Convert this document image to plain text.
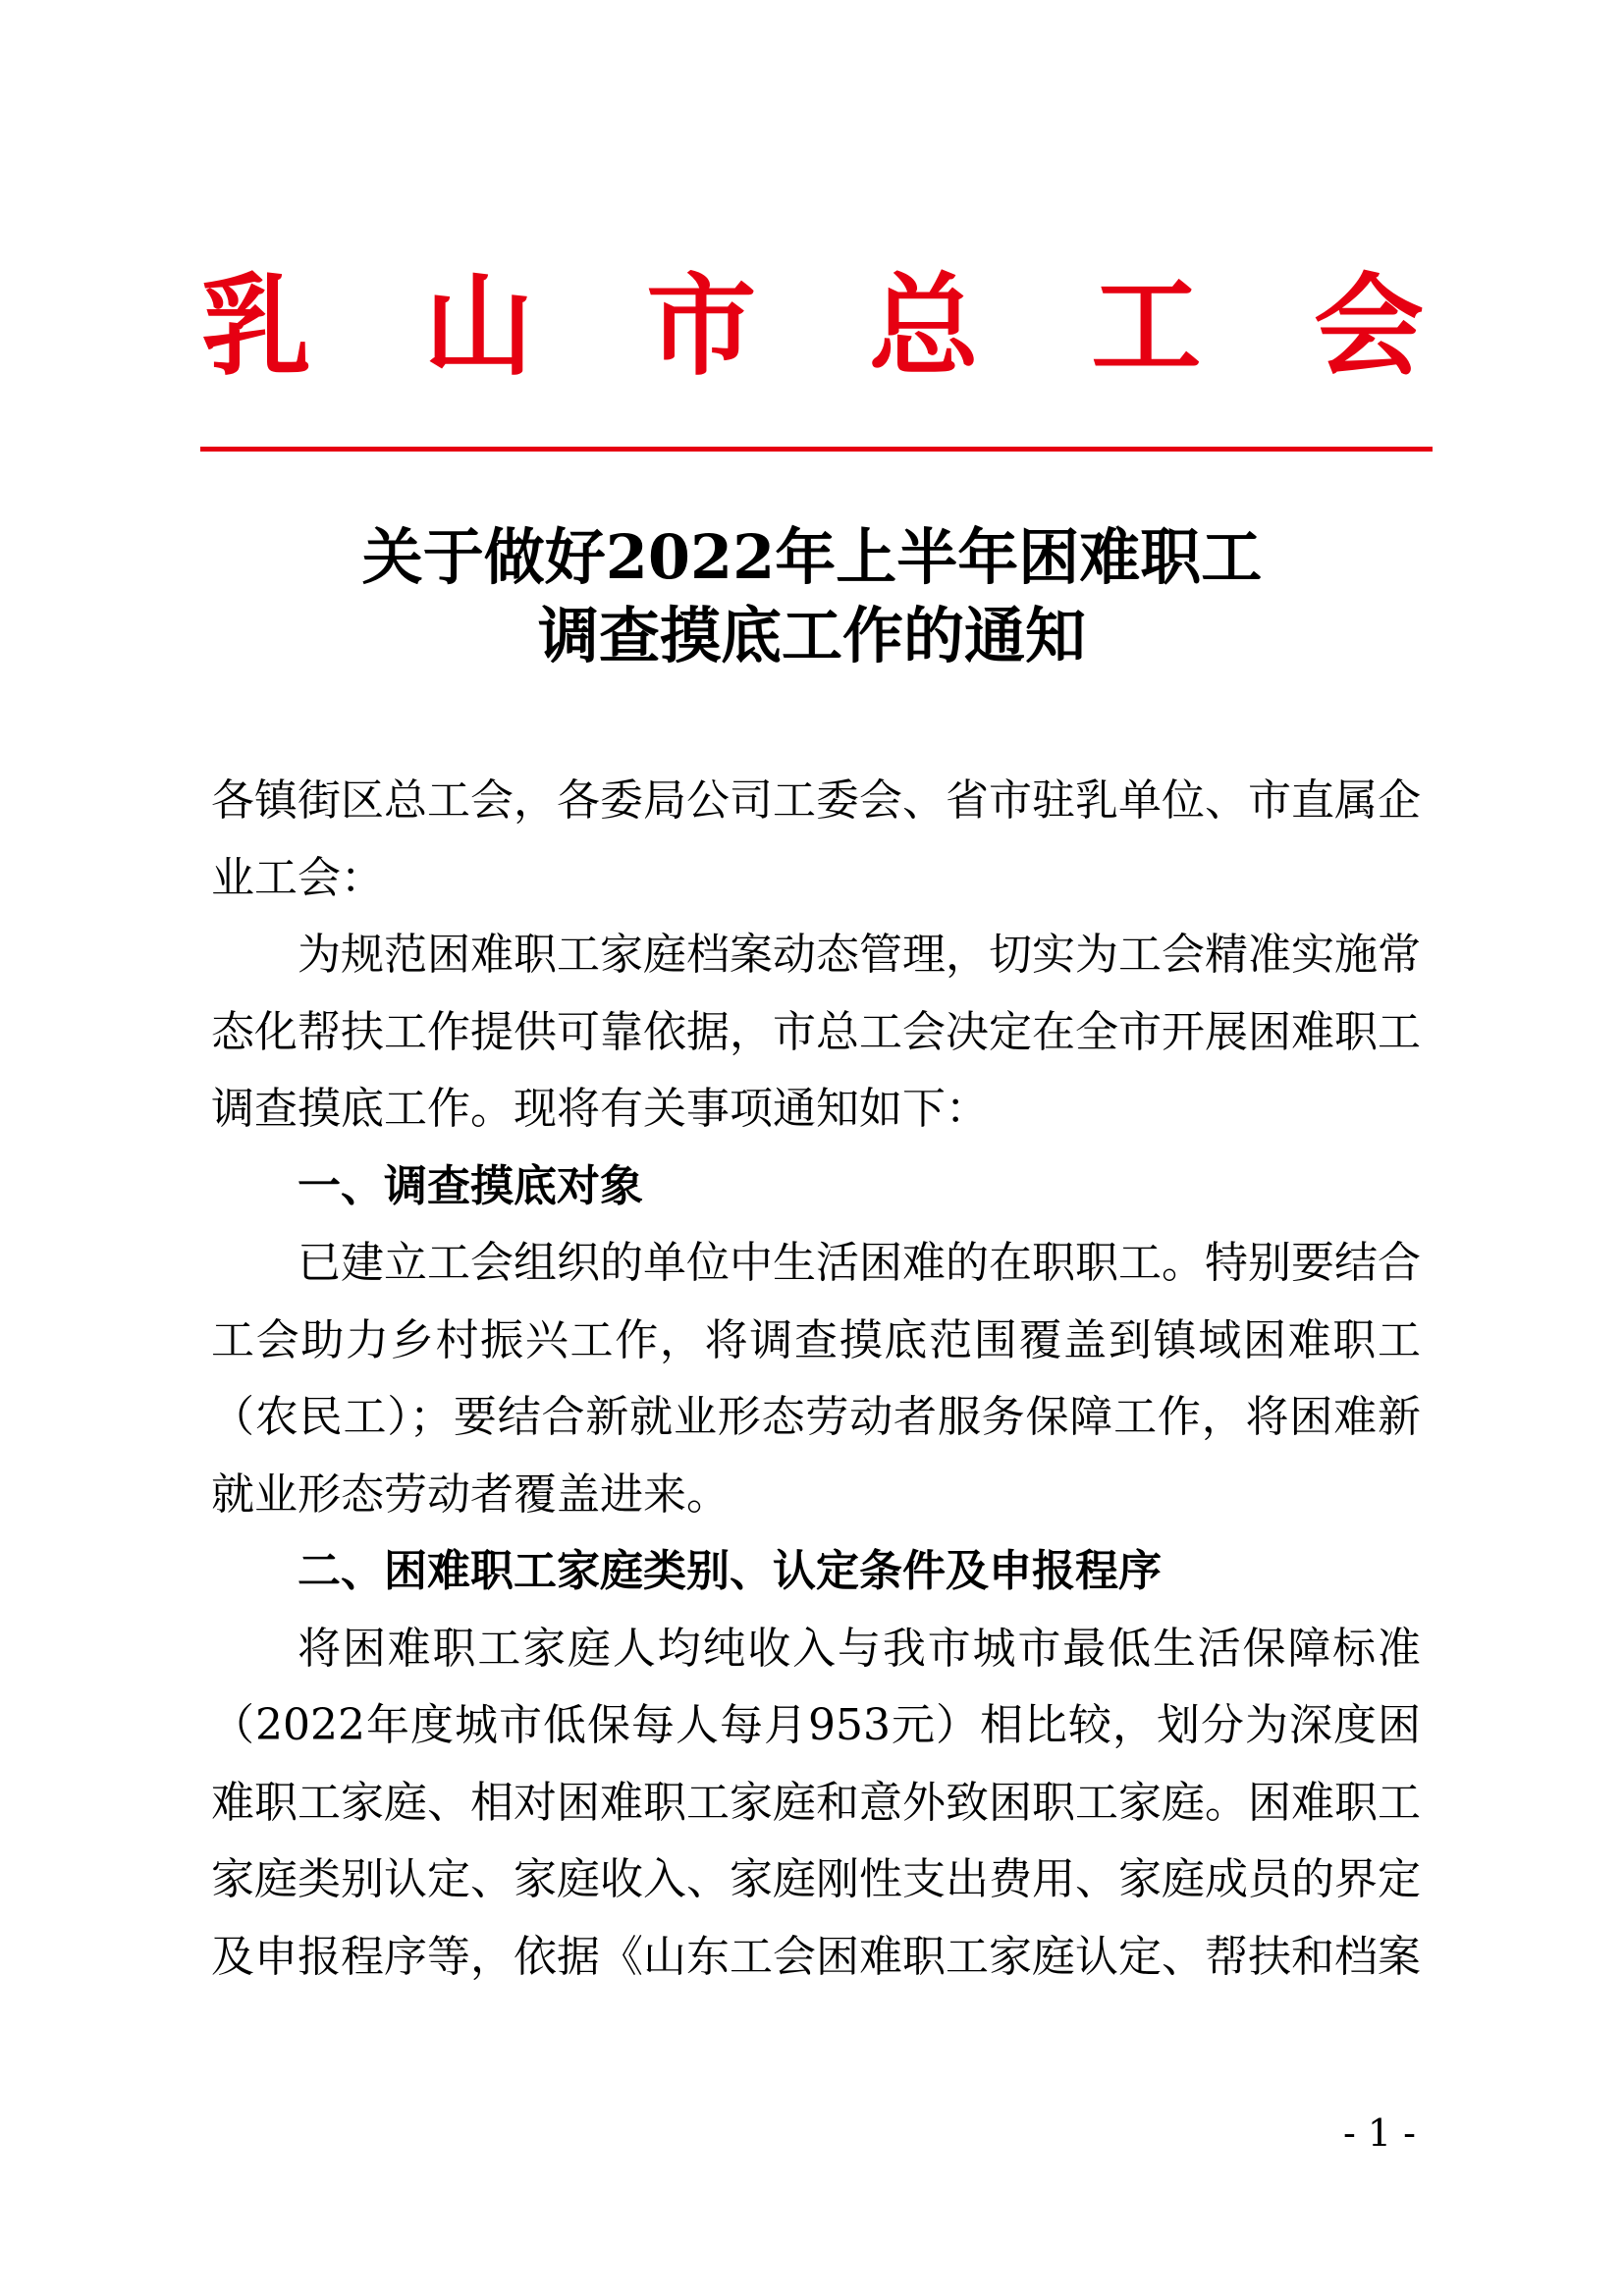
乳 山 市 总 工 会
关于做好2022年上半年困难职工
调查摸底工作的通知

各镇街区总工会，各委局公司工委会、省市驻乳单位、市直属企业工会：

为规范困难职工家庭档案动态管理，切实为工会精准实施常态化帮扶工作提供可靠依据，市总工会决定在全市开展困难职工调查摸底工作。现将有关事项通知如下：

一、调查摸底对象

已建立工会组织的单位中生活困难的在职职工。特别要结合工会助力乡村振兴工作，将调查摸底范围覆盖到镇域困难职工（农民工）；要结合新就业形态劳动者服务保障工作，将困难新就业形态劳动者覆盖进来。

二、困难职工家庭类别、认定条件及申报程序

将困难职工家庭人均纯收入与我市城市最低生活保障标准（2022年度城市低保每人每月953元）相比较，划分为深度困难职工家庭、相对困难职工家庭和意外致困职工家庭。困难职工家庭类别认定、家庭收入、家庭刚性支出费用、家庭成员的界定及申报程序等，依据《山东工会困难职工家庭认定、帮扶和档案

- 1 -
